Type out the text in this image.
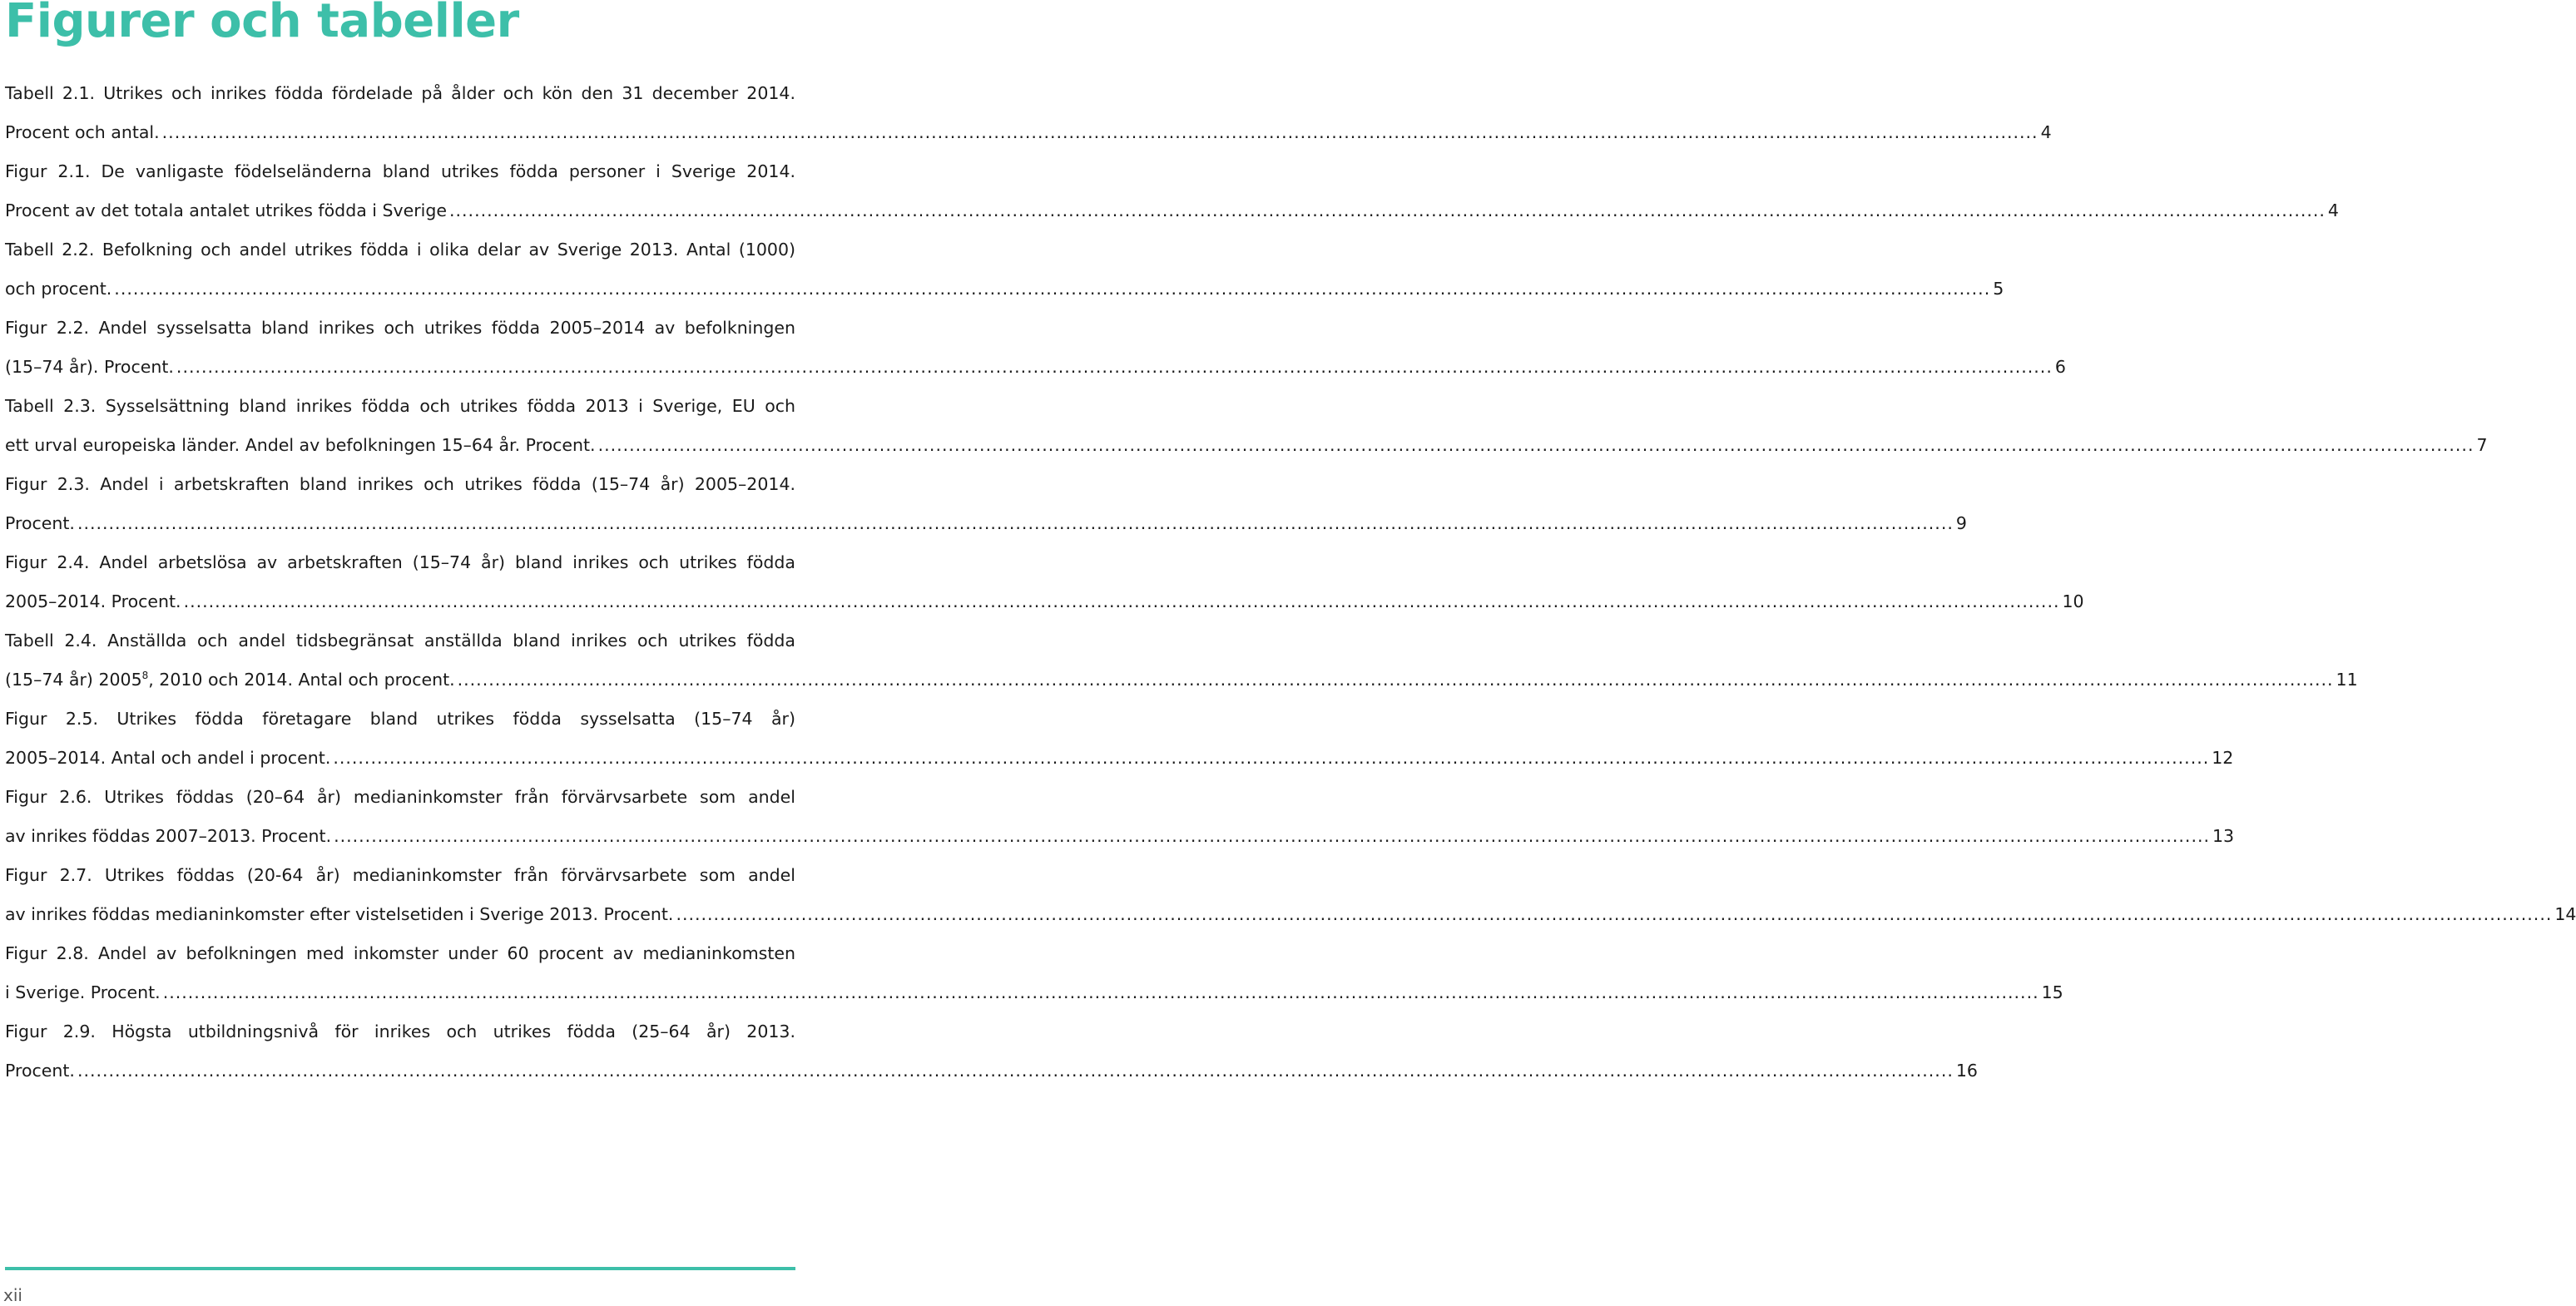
Figurer och tabeller
Tabell 2.1. Utrikes och inrikes födda fördelade på ålder och kön den 31 december 2014.
Procent och antal. ............................................................................................................................................................................................................................................................................................................ 4
Figur 2.1. De vanligaste födelseländerna bland utrikes födda personer i Sverige 2014.
Procent av det totala antalet utrikes födda i Sverige ............................................................................................................................................................................................................................................................................................................ 4
Tabell 2.2. Befolkning och andel utrikes födda i olika delar av Sverige 2013. Antal (1000)
och procent. ............................................................................................................................................................................................................................................................................................................ 5
Figur 2.2. Andel sysselsatta bland inrikes och utrikes födda 2005–2014 av befolkningen
(15–74 år). Procent. ............................................................................................................................................................................................................................................................................................................ 6
Tabell 2.3. Sysselsättning bland inrikes födda och utrikes födda 2013 i Sverige, EU och
ett urval europeiska länder. Andel av befolkningen 15–64 år. Procent. ............................................................................................................................................................................................................................................................................................................ 7
Figur 2.3. Andel i arbetskraften bland inrikes och utrikes födda (15–74 år) 2005–2014.
Procent. ............................................................................................................................................................................................................................................................................................................ 9
Figur 2.4. Andel arbetslösa av arbetskraften (15–74 år) bland inrikes och utrikes födda
2005–2014. Procent. ............................................................................................................................................................................................................................................................................................................ 10
Tabell 2.4. Anställda och andel tidsbegränsat anställda bland inrikes och utrikes födda
(15–74 år) 2005$^8$, 2010 och 2014. Antal och procent. ............................................................................................................................................................................................................................................................................................................ 11
Figur 2.5. Utrikes födda företagare bland utrikes födda sysselsatta (15–74 år)
2005–2014. Antal och andel i procent. ............................................................................................................................................................................................................................................................................................................ 12
Figur 2.6. Utrikes föddas (20–64 år) medianinkomster från förvärvsarbete som andel
av inrikes föddas 2007–2013. Procent. ............................................................................................................................................................................................................................................................................................................ 13
Figur 2.7. Utrikes föddas (20-64 år) medianinkomster från förvärvsarbete som andel
av inrikes föddas medianinkomster efter vistelsetiden i Sverige 2013. Procent. ............................................................................................................................................................................................................................................................................................................ 14
Figur 2.8. Andel av befolkningen med inkomster under 60 procent av medianinkomsten
i Sverige. Procent. ............................................................................................................................................................................................................................................................................................................ 15
Figur 2.9. Högsta utbildningsnivå för inrikes och utrikes födda (25–64 år) 2013.
Procent. ............................................................................................................................................................................................................................................................................................................ 16
xii
